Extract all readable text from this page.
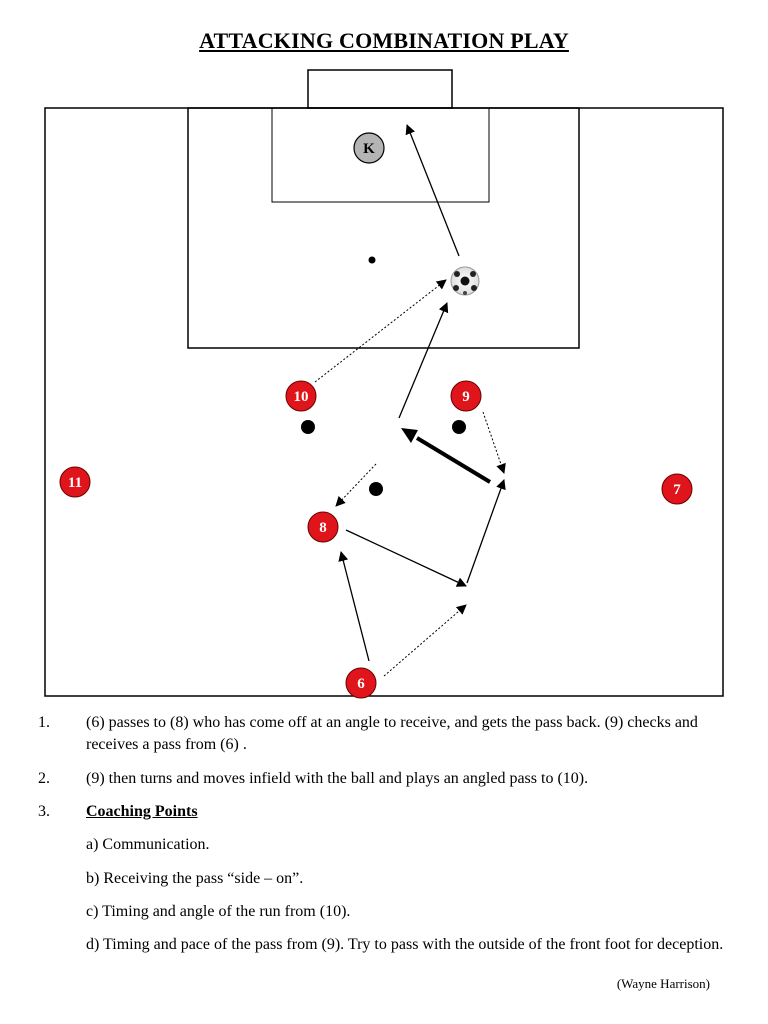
ATTACKING COMBINATION PLAY
K
10	9
11	7
8
6
1. (6) passes to (8) who has come off at an angle to receive, and gets the pass back. (9) checks and receives a pass from (6) .
2. (9) then turns and moves infield with the ball and plays an angled pass to (10).
3. Coaching Points
a) Communication.
b) Receiving the pass “side – on”.
c) Timing and angle of the run from (10).
d) Timing and pace of the pass from (9). Try to pass with the outside of the front foot for deception.
(Wayne Harrison)
